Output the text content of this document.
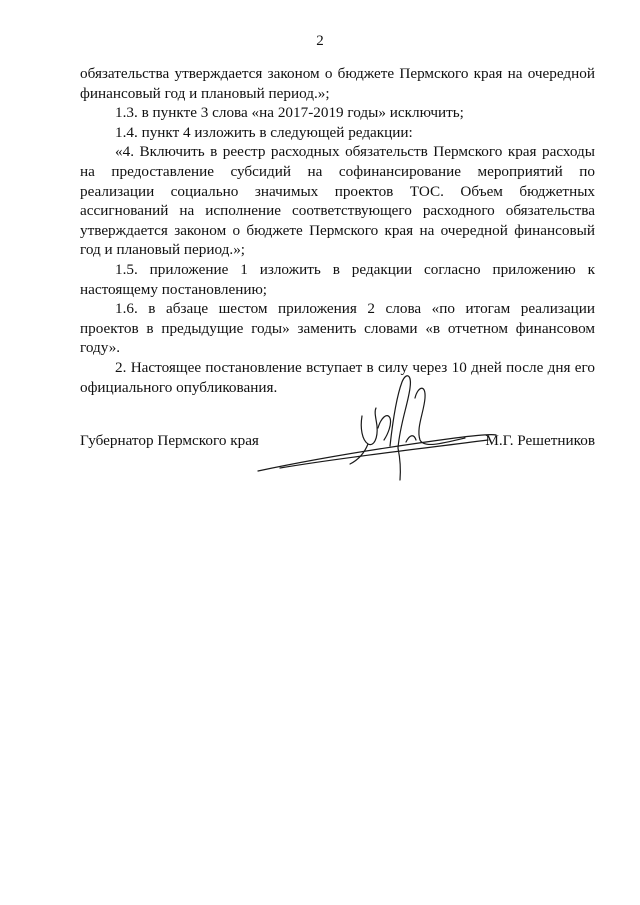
2

обязательства утверждается законом о бюджете Пермского края на очередной финансовый год и плановый период.»;

1.3. в пункте 3 слова «на 2017-2019 годы» исключить;

1.4. пункт 4 изложить в следующей редакции:

«4. Включить в реестр расходных обязательств Пермского края расходы на предоставление субсидий на софинансирование мероприятий по реализации социально значимых проектов ТОС. Объем бюджетных ассигнований на исполнение соответствующего расходного обязательства утверждается законом о бюджете Пермского края на очередной финансовый год и плановый период.»;

1.5. приложение 1 изложить в редакции согласно приложению к настоящему постановлению;

1.6. в абзаце шестом приложения 2 слова «по итогам реализации проектов в предыдущие годы» заменить словами «в отчетном финансовом году».

2. Настоящее постановление вступает в силу через 10 дней после дня его официального опубликования.

Губернатор Пермского края	М.Г. Решетников
